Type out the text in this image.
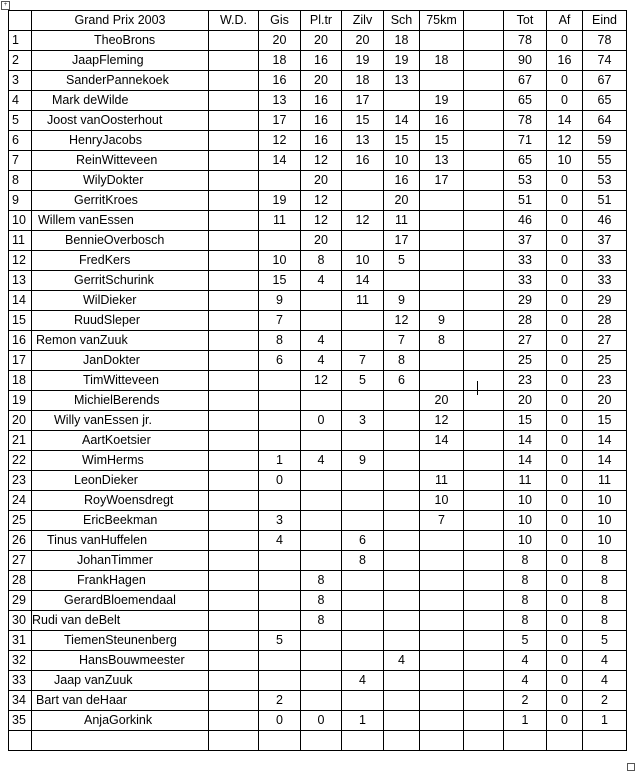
+
	Grand Prix 2003	W.D.	Gis	Pl.tr	Zilv	Sch	75km		Tot	Af	Eind
1	TheoBrons		20	20	20	18			78	0	78
2	JaapFleming		18	16	19	19	18		90	16	74
3	SanderPannekoek		16	20	18	13			67	0	67
4	Mark deWilde		13	16	17		19		65	0	65
5	Joost vanOosterhout		17	16	15	14	16		78	14	64
6	HenryJacobs		12	16	13	15	15		71	12	59
7	ReinWitteveen		14	12	16	10	13		65	10	55
8	WilyDokter			20		16	17		53	0	53
9	GerritKroes		19	12		20			51	0	51
10	Willem vanEssen		11	12	12	11			46	0	46
11	BennieOverbosch			20		17			37	0	37
12	FredKers		10	8	10	5			33	0	33
13	GerritSchurink		15	4	14				33	0	33
14	WilDieker		9		11	9			29	0	29
15	RuudSleper		7			12	9		28	0	28
16	Remon vanZuuk		8	4		7	8		27	0	27
17	JanDokter		6	4	7	8			25	0	25
18	TimWitteveen			12	5	6			23	0	23
19	MichielBerends						20		20	0	20
20	Willy vanEssen jr.			0	3		12		15	0	15
21	AartKoetsier						14		14	0	14
22	WimHerms		1	4	9				14	0	14
23	LeonDieker		0				11		11	0	11
24	RoyWoensdregt						10		10	0	10
25	EricBeekman		3				7		10	0	10
26	Tinus vanHuffelen		4		6				10	0	10
27	JohanTimmer				8				8	0	8
28	FrankHagen			8					8	0	8
29	GerardBloemendaal			8					8	0	8
30	Rudi van deBelt			8					8	0	8
31	TiemenSteunenberg		5						5	0	5
32	HansBouwmeester					4			4	0	4
33	Jaap vanZuuk				4				4	0	4
34	Bart van deHaar		2						2	0	2
35	AnjaGorkink		0	0	1				1	0	1
